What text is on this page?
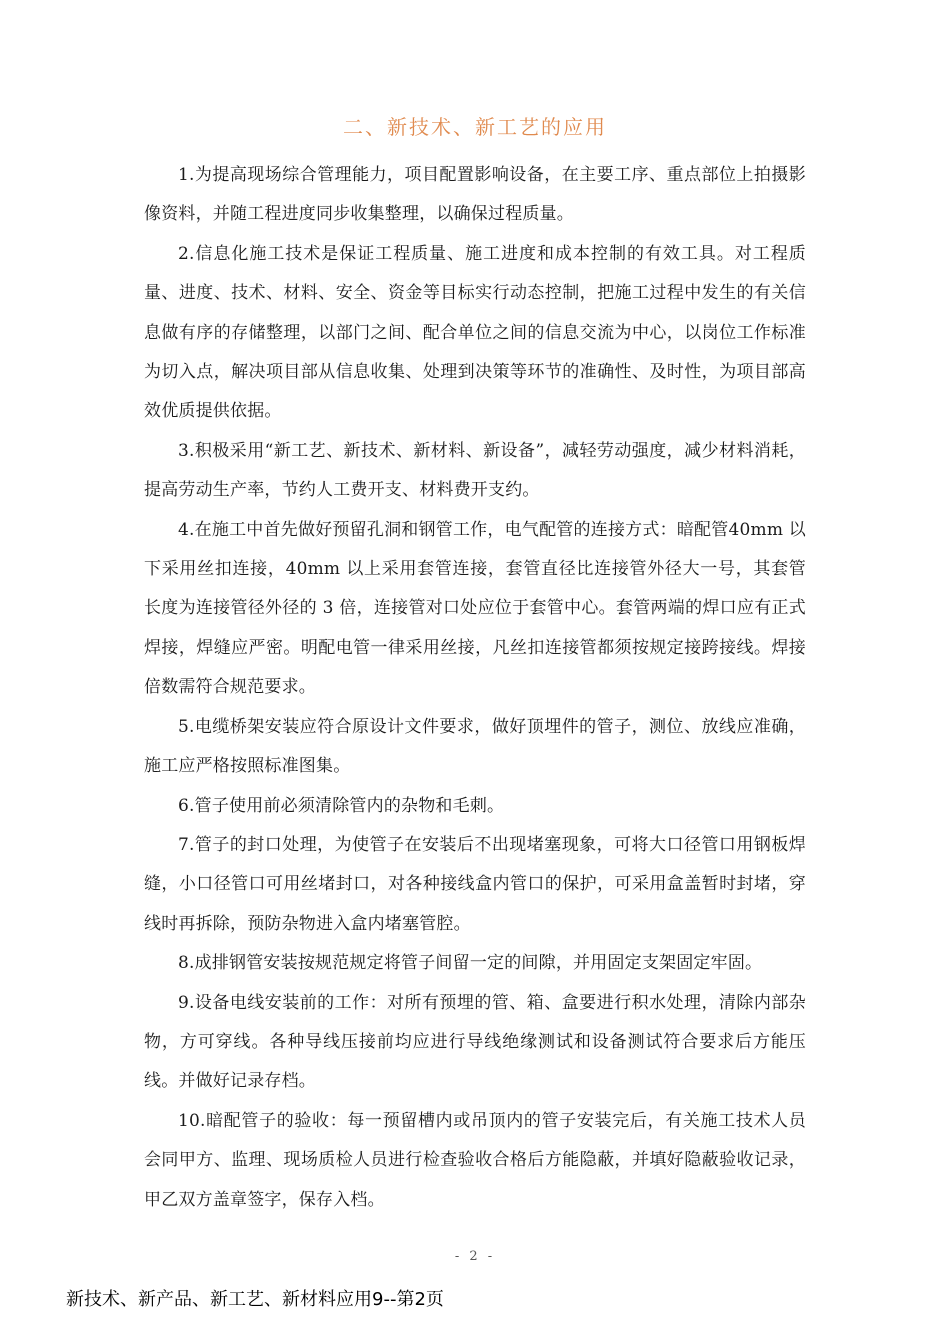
二、新技术、新工艺的应用

1.为提高现场综合管理能力，项目配置影响设备，在主要工序、重点部位上拍摄影像资料，并随工程进度同步收集整理，以确保过程质量。

2.信息化施工技术是保证工程质量、施工进度和成本控制的有效工具。对工程质量、进度、技术、材料、安全、资金等目标实行动态控制，把施工过程中发生的有关信息做有序的存储整理，以部门之间、配合单位之间的信息交流为中心，以岗位工作标准为切入点，解决项目部从信息收集、处理到决策等环节的准确性、及时性，为项目部高效优质提供依据。

3.积极采用“新工艺、新技术、新材料、新设备”，减轻劳动强度，减少材料消耗，提高劳动生产率，节约人工费开支、材料费开支约。

4.在施工中首先做好预留孔洞和钢管工作，电气配管的连接方式：暗配管40mm 以下采用丝扣连接，40mm 以上采用套管连接，套管直径比连接管外径大一号，其套管长度为连接管径外径的 3 倍，连接管对口处应位于套管中心。套管两端的焊口应有正式焊接，焊缝应严密。明配电管一律采用丝接，凡丝扣连接管都须按规定接跨接线。焊接倍数需符合规范要求。

5.电缆桥架安装应符合原设计文件要求，做好顶埋件的管子，测位、放线应准确，施工应严格按照标准图集。

6.管子使用前必须清除管内的杂物和毛刺。

7.管子的封口处理，为使管子在安装后不出现堵塞现象，可将大口径管口用钢板焊缝，小口径管口可用丝堵封口，对各种接线盒内管口的保护，可采用盒盖暂时封堵，穿线时再拆除，预防杂物进入盒内堵塞管腔。

8.成排钢管安装按规范规定将管子间留一定的间隙，并用固定支架固定牢固。

9.设备电线安装前的工作：对所有预埋的管、箱、盒要进行积水处理，清除内部杂物，方可穿线。各种导线压接前均应进行导线绝缘测试和设备测试符合要求后方能压线。并做好记录存档。

10.暗配管子的验收：每一预留槽内或吊顶内的管子安装完后，有关施工技术人员会同甲方、监理、现场质检人员进行检查验收合格后方能隐蔽，并填好隐蔽验收记录，甲乙双方盖章签字，保存入档。

- 2 -
新技术、新产品、新工艺、新材料应用9--第2页
